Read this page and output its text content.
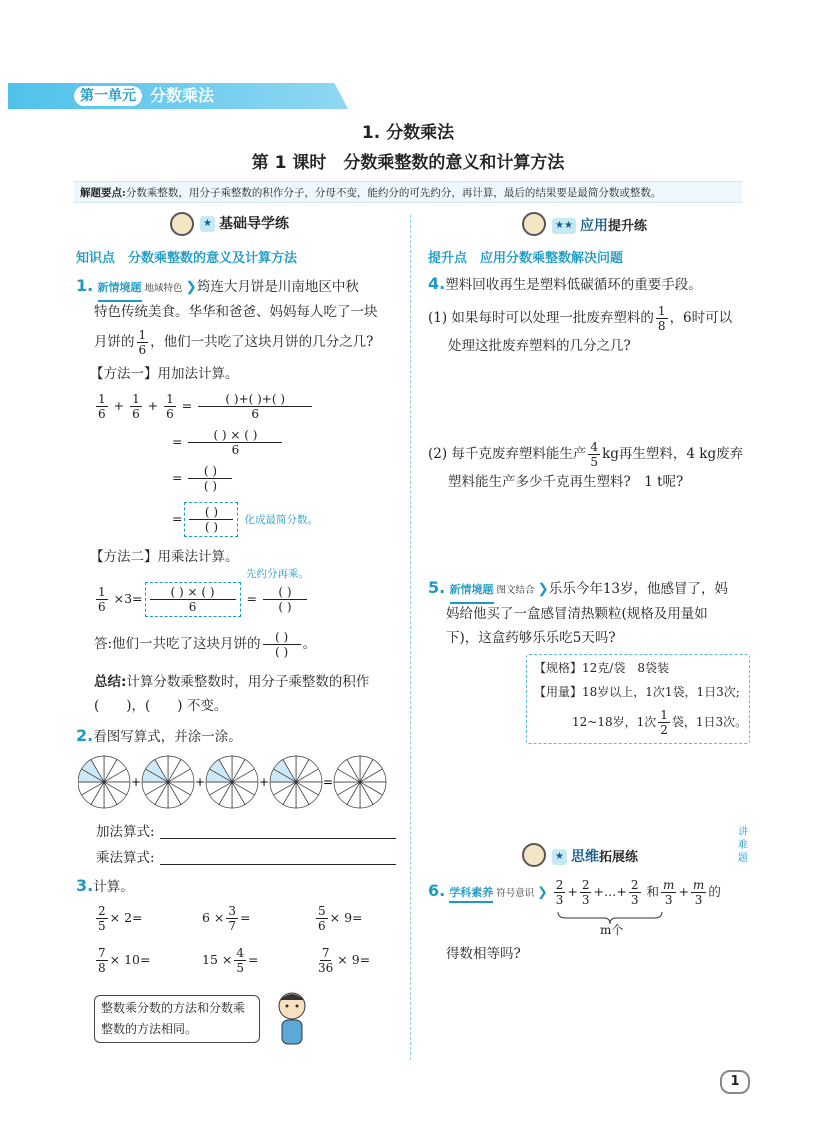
第一单元 分数乘法
1. 分数乘法
第 1 课时　分数乘整数的意义和计算方法
解题要点:分数乘整数，用分子乘整数的积作分子，分母不变，能约分的可先约分，再计算，最后的结果要是最简分数或整数。
★ 基础导学练
知识点　分数乘整数的意义及计算方法
1. 新情境题 地域特色 ❯筠连大月饼是川南地区中秋
特色传统美食。华华和爸爸、妈妈每人吃了一块
月饼的 $\frac{1}{6}$ ，他们一共吃了这块月饼的几分之几?
【方法一】用加法计算。
$\frac{1}{6} + \frac{1}{6} + \frac{1}{6} = \frac{( )+( )+( )}{6}$
= $\frac{( ) \times ( )}{6}$
= $\frac{( )}{( )}$
= $\frac{( )}{( )}$ 化成最简分数。
【方法二】用乘法计算。
先约分再乘。
$\frac{1}{6} \times 3= \frac{( ) \times ( )}{6} = \frac{( )}{( )}$
答:他们一共吃了这块月饼的 $\frac{( )}{( )}$ 。
总结:计算分数乘整数时，用分子乘整数的积作
(　　)，(　　) 不变。
2.看图写算式，并涂一涂。
+	+	+	=
加法算式:
乘法算式:
3.计算。
$\frac{2}{5} \times 2=$	$6 \times \frac{3}{7}$ =	$\frac{5}{6} \times 9=$
$\frac{7}{8} \times 10=$	$15 \times \frac{4}{5}$ =	$\frac{7}{36} \times 9=$
整数乘分数的方法和分数乘整数的方法相同。
★★ 应用提升练
提升点　应用分数乘整数解决问题
4.塑料回收再生是塑料低碳循环的重要手段。
(1) 如果每时可以处理一批废弃塑料的 $\frac{1}{8}$ ，6时可以
处理这批废弃塑料的几分之几?
(2) 每千克废弃塑料能生产 $\frac{4}{5}$ kg再生塑料，4 kg废弃
塑料能生产多少千克再生塑料?　1 t呢?
5. 新情境题 图文结合 ❯乐乐今年13岁，他感冒了，妈
妈给他买了一盒感冒清热颗粒(规格及用量如
下)，这盒药够乐乐吃5天吗?
【规格】12克/袋　8袋装
【用量】18岁以上，1次1袋，1日3次;
12~18岁，1次 $\frac{1}{2}$ 袋，1日3次。
★ 思维拓展练
讲难题
6. 学科素养 符号意识 ❯ $\frac{2}{3} + \frac{2}{3}$ +…+ $\frac{2}{3}$ 和 $\frac{m}{3} + \frac{m}{3}$ 的
m个
得数相等吗?
1
